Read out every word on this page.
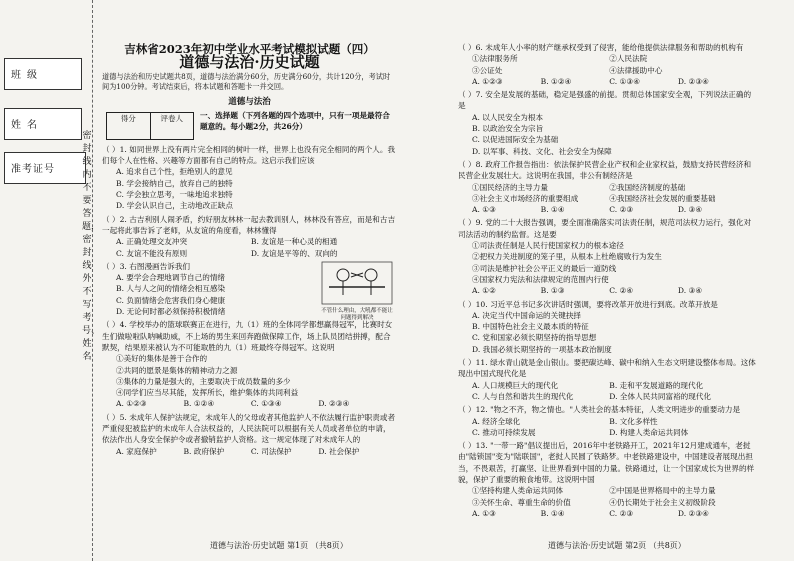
班级
姓名
准考证号
密封线内不要答题，密封线外不写考号、姓名
吉林省2023年初中学业水平考试模拟试题（四）
道德与法治·历史试题
道德与法治和历史试题共8页，道德与法治满分60分，历史满分60分，共计120分，考试时间为100分钟。考试结束后，将本试题和答题卡一并交回。
道德与法治
得分	评卷人	一、选择题（下列各题的四个选项中，只有一项是最符合题意的。每小题2分，共26分）
（ ）1. 如同世界上没有两片完全相同的树叶一样，世界上也没有完全相同的两个人。我们每个人在性格、兴趣等方面都有自己的特点。这启示我们应该
A. 追求自己个性，拒绝别人的意见
B. 学会接纳自己，放弃自己的独特
C. 学会独立思考，一味地追求独特
D. 学会认识自己，主动地改正缺点
（ ）2. 古吉利别人闹矛盾，约好朋友林林一起去教训别人，林林没有答应，而是和古吉一起将此事告诉了老师，从友谊的角度看，林林懂得
A. 正确处理交友冲突	B. 友谊是一种心灵的相通
C. 友谊不能没有原则	D. 友谊是平等的、双向的
不管什么理由，大吼都不能让问题得到解决
（ ）3. 右图漫画告诉我们
A. 要学会合理地调节自己的情绪
B. 人与人之间的情绪会相互感染
C. 负面情绪会危害我们身心健康
D. 无论何时都必须保持积极情绪
（ ）4. 学校举办的篮球联赛正在进行，九（1）班的全体同学都想赢得冠军，比赛时女生们做啦啦队呐喊助威，不上场的男生来回奔跑做保障工作，场上队员团结拼搏，配合默契，结果原来被认为不可能取胜的九（1）班最终夺得冠军。这说明
①美好的集体是善于合作的
②共同的愿景是集体的精神动力之源
③集体的力量是强大的，主要取决于成员数量的多少
④同学们应当尽其能，发挥所长，维护集体的共同利益
A. ①②③	B. ①②④	C. ①③④	D. ②③④
（ ）5. 未成年人保护法规定，未成年人的父母或者其他监护人不依法履行监护职责或者严重侵犯被监护的未成年人合法权益的，人民法院可以根据有关人员或者单位的申请，依法作出人身安全保护令或者撤销监护人资格。这一规定体现了对未成年人的
A. 家庭保护	B. 政府保护	C. 司法保护	D. 社会保护
（ ）6. 未成年人小率的财产继承权受到了侵害，能给他提供法律服务和帮助的机构有
①法律服务所	②人民法院
③公证处	④法律援助中心
A. ①②③	B. ①②④	C. ①③④	D. ②③④
（ ）7. 安全是发展的基础，稳定是强盛的前提。贯彻总体国家安全观，下列说法正确的是
A. 以人民安全为根本
B. 以政治安全为宗旨
C. 以促进国际安全为基础
D. 以军事、科技、文化、社会安全为保障
（ ）8. 政府工作报告指出：依法保护民营企业产权和企业家权益，鼓励支持民营经济和民营企业发展壮大。这说明在我国，非公有制经济是
①国民经济的主导力量	②我国经济制度的基础
③社会主义市场经济的重要组成	④我国经济社会发展的重要基础
A. ①③	B. ①④	C. ②③	D. ③④
（ ）9. 党的二十大报告强调，要全面准确落实司法责任制，规范司法权力运行，强化对司法活动的制约监督。这是要
①司法责任制是人民行使国家权力的根本途径
②把权力关进制度的笼子里，从根本上杜绝腐败行为发生
③司法是维护社会公平正义的最后一道防线
④国家权力宪法和法律规定的范围内行使
A. ①②	B. ①③	C. ②④	D. ③④
（ ）10. 习近平总书记多次讲话时强调，要将改革开放进行到底。改革开放是
A. 决定当代中国命运的关键抉择
B. 中国特色社会主义最本质的特征
C. 党和国家必须长期坚持的指导思想
D. 我国必须长期坚持的一项基本政治制度
（ ）11. 绿水青山就是金山银山。要把碳达峰、碳中和纳入生态文明建设整体布局。这体现出中国式现代化是
A. 人口规模巨大的现代化	B. 走和平发展道路的现代化
C. 人与自然和谐共生的现代化	D. 全体人民共同富裕的现代化
（ ）12. "物之不齐，物之情也。"人类社会的基本特征，人类文明进步的重要动力是
A. 经济全球化	B. 文化多样性
C. 推动可持续发展	D. 构建人类命运共同体
（ ）13. "一带一路"倡议提出后，2016年中老铁路开工，2021年12月建成通车，老挝由"陆锁国"变为"陆联国"，老挝人民圆了铁路梦。中老铁路建设中，中国建设者展现出担当，不畏艰苦，打赢坚、让世界看到中国的力量。铁路通过，让一个国家成长为世界的样貌，保护了重要的粮食地带。这说明中国
①坚持构建人类命运共同体	②中国是世界格局中的主导力量
③关怀生命、尊重生命的价值	④仍长期处于社会主义初级阶段
A. ①③	B. ①④	C. ②③	D. ②③④
道德与法治·历史试题 第1页 （共8页）	道德与法治·历史试题 第2页 （共8页）
